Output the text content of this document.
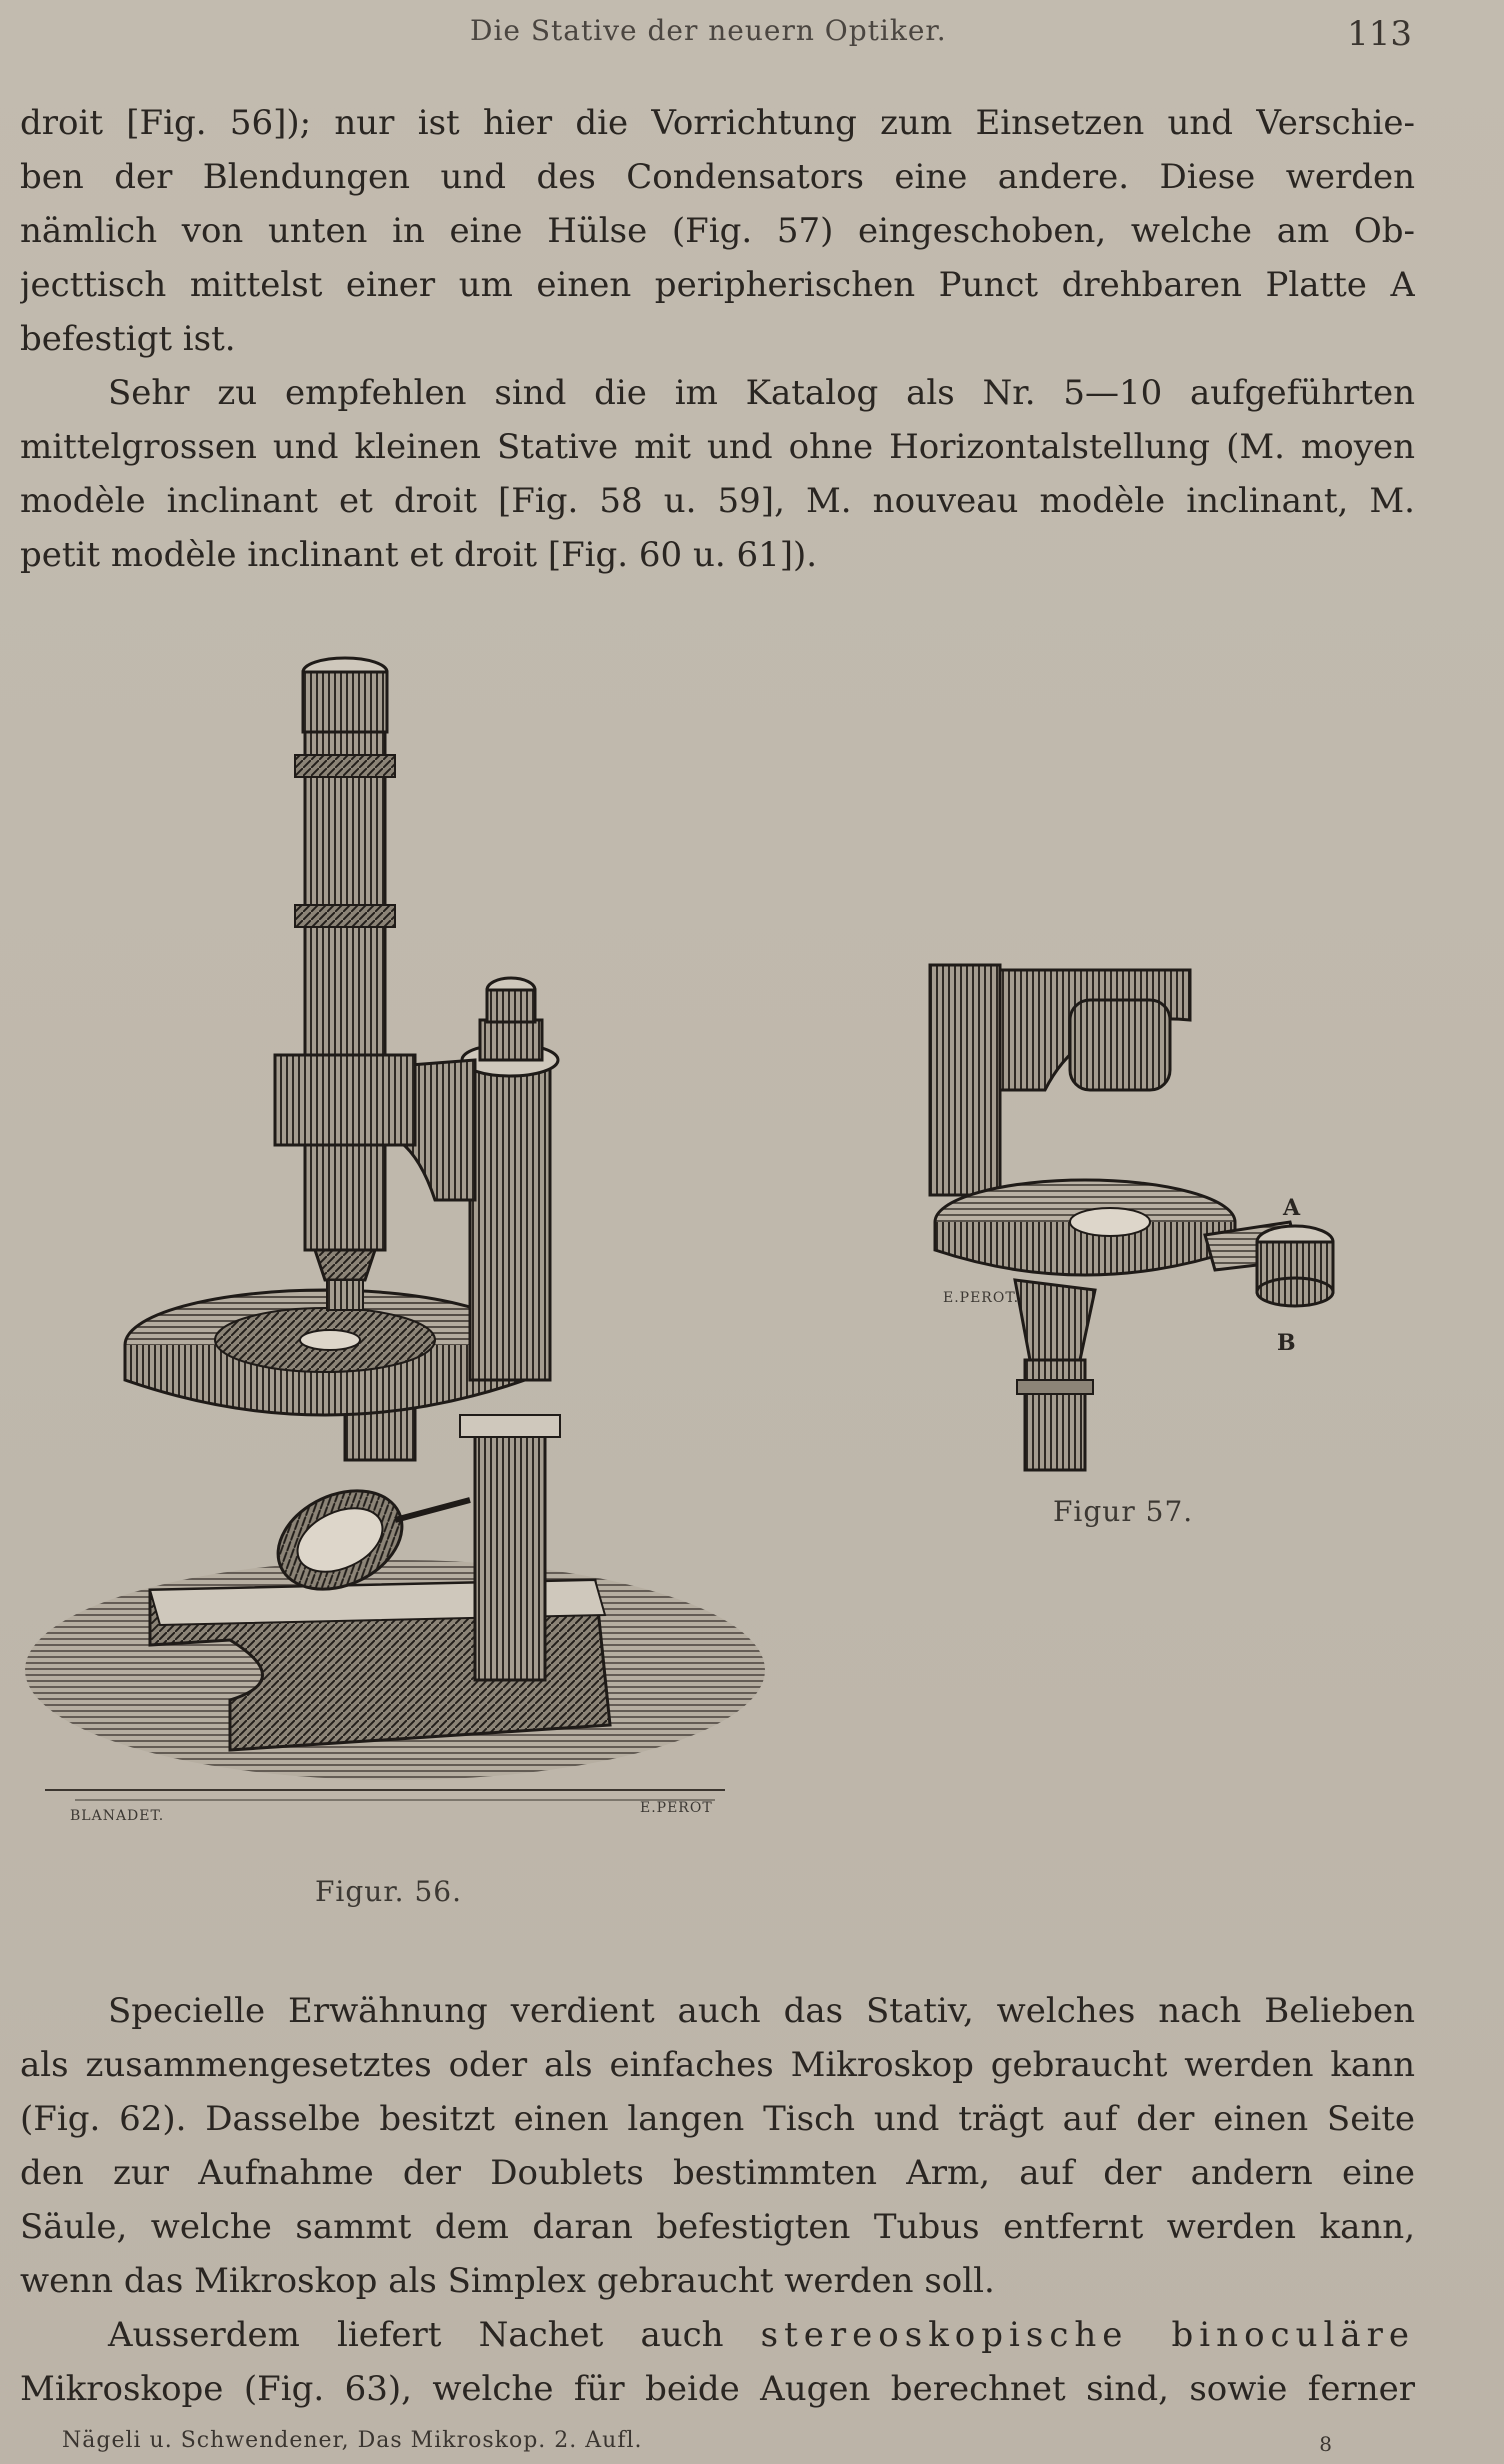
Die Stative der neuern Optiker.	113
droit [Fig. 56]); nur ist hier die Vorrichtung zum Einsetzen und Verschie-
ben der Blendungen und des Condensators eine andere. Diese werden
nämlich von unten in eine Hülse (Fig. 57) eingeschoben, welche am Ob-
jecttisch mittelst einer um einen peripherischen Punct drehbaren Platte A
befestigt ist.
Sehr zu empfehlen sind die im Katalog als Nr. 5—10 aufgeführten
mittelgrossen und kleinen Stative mit und ohne Horizontalstellung (M. moyen
modèle inclinant et droit [Fig. 58 u. 59], M. nouveau modèle inclinant, M.
petit modèle inclinant et droit [Fig. 60 u. 61]).
BLANADET.	E.PEROT
Figur. 56.
E.PEROT.
A
B
Figur 57.
Specielle Erwähnung verdient auch das Stativ, welches nach Belieben
als zusammengesetztes oder als einfaches Mikroskop gebraucht werden kann
(Fig. 62). Dasselbe besitzt einen langen Tisch und trägt auf der einen Seite
den zur Aufnahme der Doublets bestimmten Arm, auf der andern eine
Säule, welche sammt dem daran befestigten Tubus entfernt werden kann,
wenn das Mikroskop als Simplex gebraucht werden soll.
Ausserdem liefert Nachet auch stereoskopische binoculäre
Mikroskope (Fig. 63), welche für beide Augen berechnet sind, sowie ferner
Nägeli u. Schwendener, Das Mikroskop. 2. Aufl.	8
